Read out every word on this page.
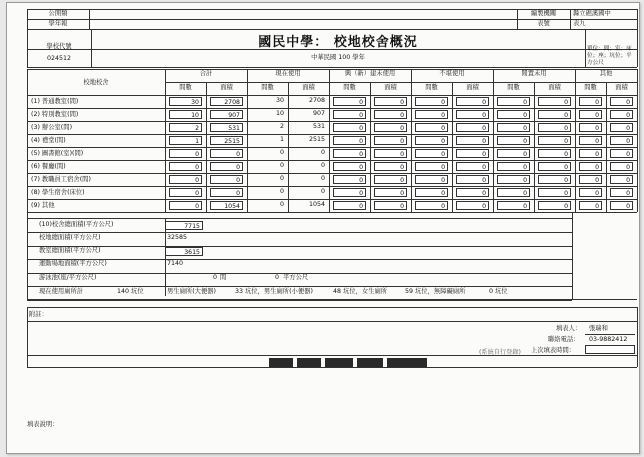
公開類
學年報
編製機關	縣立礁溪國中
表號	表九
國民中學： 校地校舍概況
學校代號
024512	中華民國 100 學年
單位：間；室；床位；座；坑位；平方公尺
校地校舍
合計	現在使用	興（新）建未使用	不堪使用	閒置未用	其他
間數	面積	間數	面積	間數	面積	間數	面積	間數	面積	間數	面積
(1) 普通教室(間)	30	2708	30	2708	0	0	0	0	0	0	0	0
(2) 特別教室(間)	10	907	10	907	0	0	0	0	0	0	0	0
(3) 辦公室(間)	2	531	2	531	0	0	0	0	0	0	0	0
(4) 禮堂(間)	1	2515	1	2515	0	0	0	0	0	0	0	0
(5) 圖書館(室)(間)	0	0	0	0	0	0	0	0	0	0	0	0
(6) 餐廳(間)	0	0	0	0	0	0	0	0	0	0	0	0
(7) 教職員工宿舍(間)	0	0	0	0	0	0	0	0	0	0	0	0
(8) 學生宿舍(床位)	0	0	0	0	0	0	0	0	0	0	0	0
(9) 其他	0	1054	0	1054	0	0	0	0	0	0	0	0
(10)校舍總面積(平方公尺)	7715
校地總面積(平方公尺)	32585
教室總面積(平方公尺)	3615
運動場地面積(平方公尺)	7140
游泳池(座/平方公尺)	0 間	0 平方公尺
現在使用廁所計	140 坑位	男生廁所(大便器)	33 坑位，男生廁所(小便器)	48 坑位，女生廁所	59 坑位，無障礙廁所	0 坑位
附註：
填表人： 張瑞和
聯絡電話： 03-9882412
(系統自行登錄) 上次填表時間：
填表說明：
